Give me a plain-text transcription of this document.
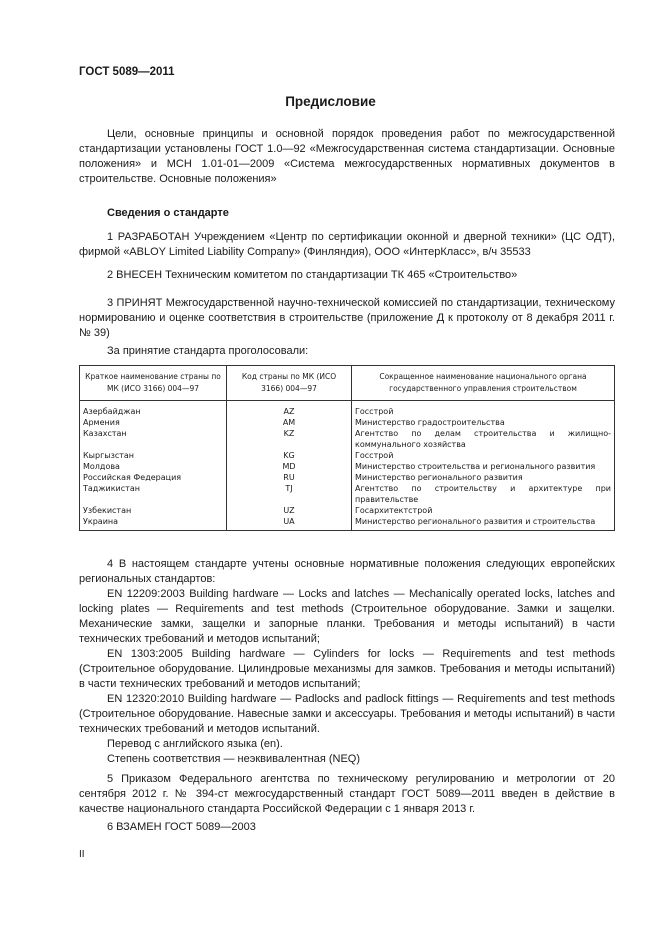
ГОСТ 5089—2011
Предисловие
Цели, основные принципы и основной порядок проведения работ по межгосударственной стандартизации установлены ГОСТ 1.0—92 «Межгосударственная система стандартизации. Основные положения» и МСН 1.01-01—2009 «Система межгосударственных нормативных документов в строительстве. Основные положения»
Сведения о стандарте
1 РАЗРАБОТАН Учреждением «Центр по сертификации оконной и дверной техники» (ЦС ОДТ), фирмой «ABLOY Limited Liability Company» (Финляндия), ООО «ИнтерКласс», в/ч 35533
2 ВНЕСЕН Техническим комитетом по стандартизации ТК 465 «Строительство»
3 ПРИНЯТ Межгосударственной научно-технической комиссией по стандартизации, техническому нормированию и оценке соответствия в строительстве (приложение Д к протоколу от 8 декабря 2011 г. № 39)
За принятие стандарта проголосовали:
Краткое наименование страны по МК (ИСО 3166) 004—97	Код страны по МК (ИСО 3166) 004—97	Сокращенное наименование национального органа государственного управления строительством
Азербайджан	AZ	Госстрой
Армения	AM	Министерство градостроительства
Казахстан	KZ	Агентство по делам строительства и жилищно-коммунального хозяйства
Кыргызстан	KG	Госстрой
Молдова	MD	Министерство строительства и регионального развития
Российская Федерация	RU	Министерство регионального развития
Таджикистан	TJ	Агентство по строительству и архитектуре при правительстве
Узбекистан	UZ	Госархитектстрой
Украина	UA	Министерство регионального развития и строительства
4 В настоящем стандарте учтены основные нормативные положения следующих европейских региональных стандартов:
EN 12209:2003 Building hardware — Locks and latches — Mechanically operated locks, latches and locking plates — Requirements and test methods (Строительное оборудование. Замки и защелки. Механические замки, защелки и запорные планки. Требования и методы испытаний) в части технических требований и методов испытаний;
EN 1303:2005 Building hardware — Cylinders for locks — Requirements and test methods (Строительное оборудование. Цилиндровые механизмы для замков. Требования и методы испытаний) в части технических требований и методов испытаний;
EN 12320:2010 Building hardware — Padlocks and padlock fittings — Requirements and test methods (Строительное оборудование. Навесные замки и аксессуары. Требования и методы испытаний) в части технических требований и методов испытаний.
Перевод с английского языка (en).
Степень соответствия — неэквивалентная (NEQ)
5 Приказом Федерального агентства по техническому регулированию и метрологии от 20 сентября 2012 г. № 394-ст межгосударственный стандарт ГОСТ 5089—2011 введен в действие в качестве национального стандарта Российской Федерации с 1 января 2013 г.
6 ВЗАМЕН ГОСТ 5089—2003
II
